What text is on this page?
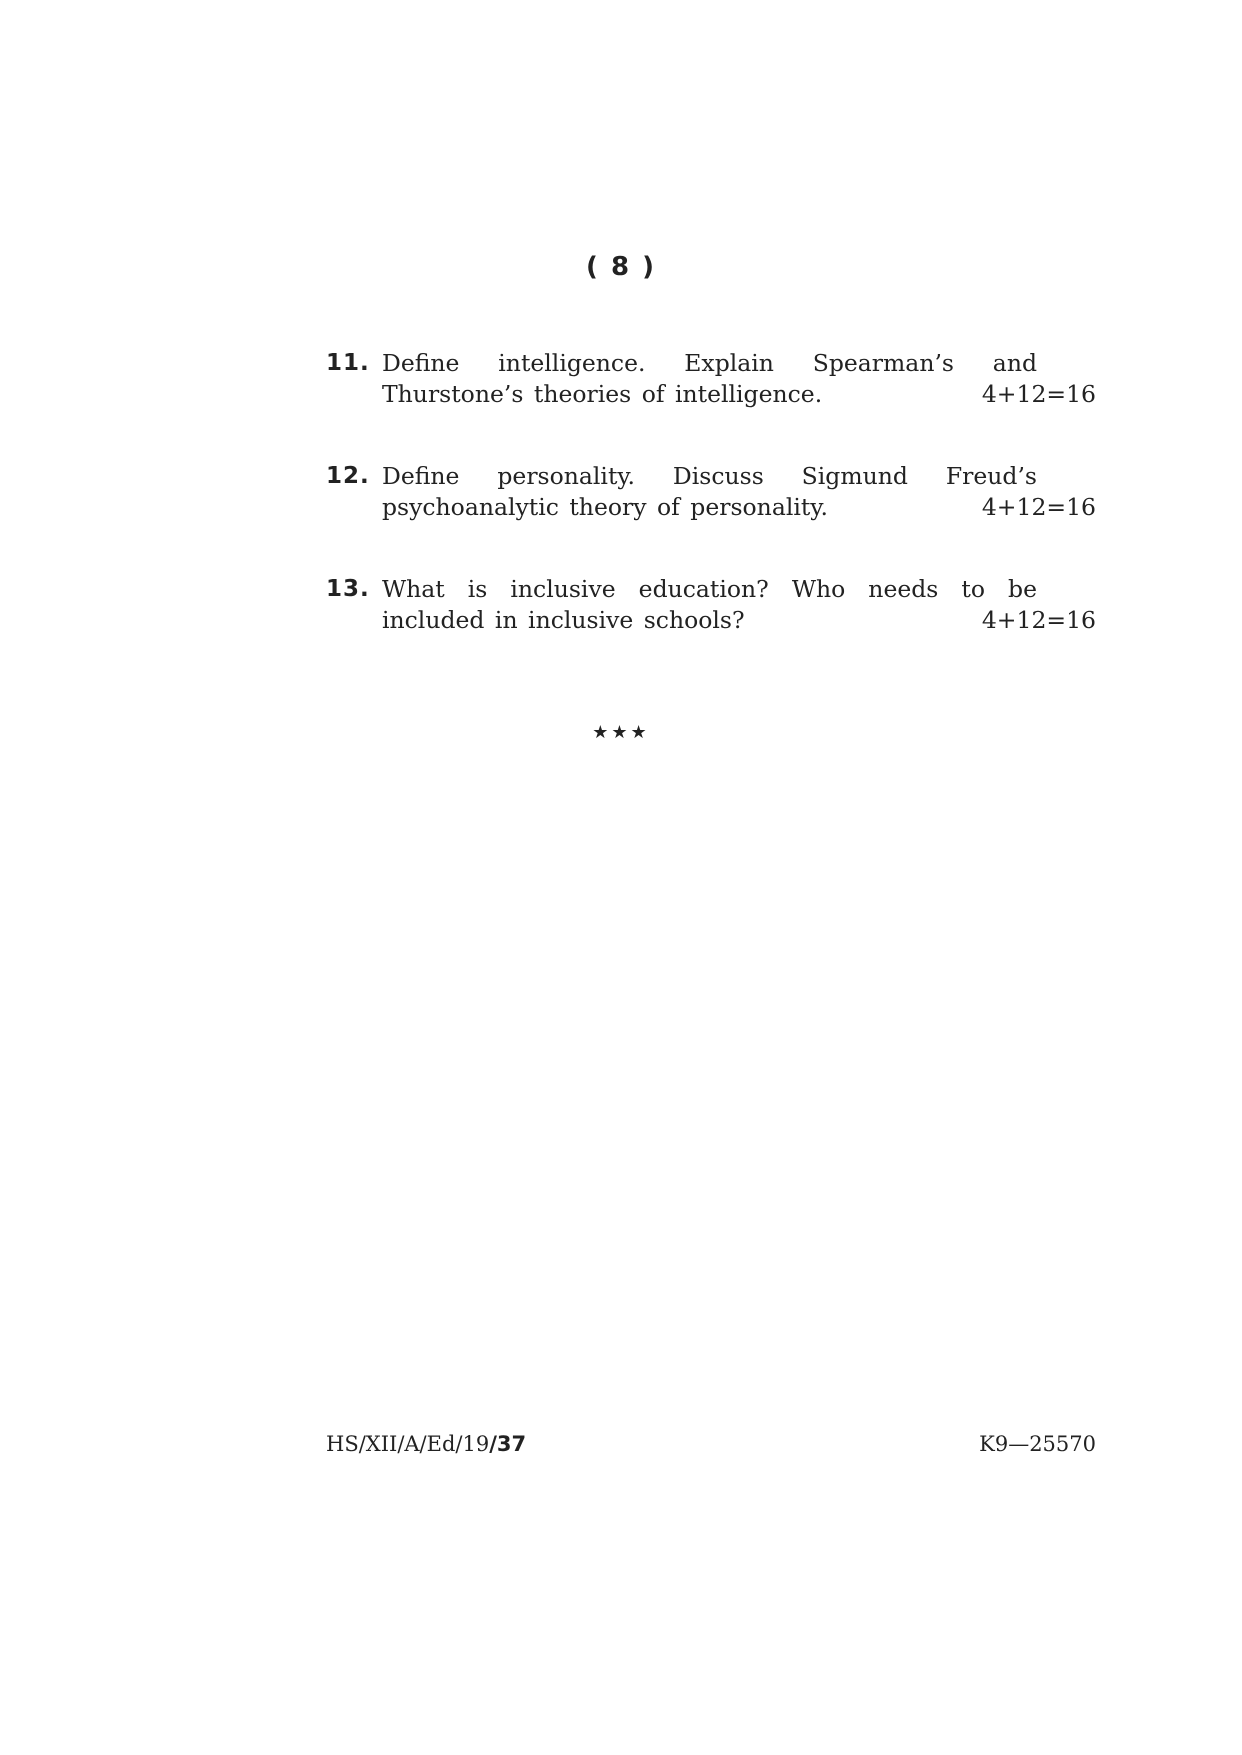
( 8 )
11. Define intelligence. Explain Spearman’s and
Thurstone’s theories of intelligence.	4+12=16
12. Define personality. Discuss Sigmund Freud’s
psychoanalytic theory of personality.	4+12=16
13. What is inclusive education? Who needs to be
included in inclusive schools?	4+12=16
★★★
HS/XII/A/Ed/19/37	K9—25570
